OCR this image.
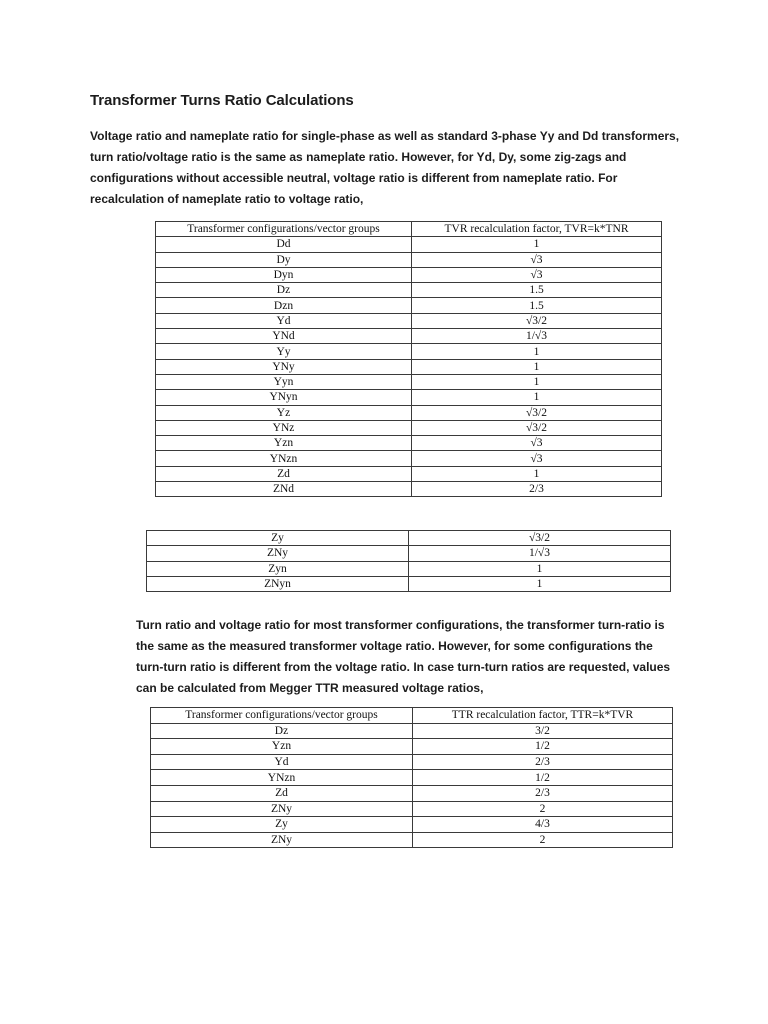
Transformer Turns Ratio Calculations

Voltage ratio and nameplate ratio for single-phase as well as standard 3-phase Yy and Dd transformers,
turn ratio/voltage ratio is the same as nameplate ratio. However, for Yd, Dy, some zig-zags and
configurations without accessible neutral, voltage ratio is different from nameplate ratio. For
recalculation of nameplate ratio to voltage ratio,

Transformer configurations/vector groups	TVR recalculation factor, TVR=k*TNR
Dd	1
Dy	√3
Dyn	√3
Dz	1.5
Dzn	1.5
Yd	√3/2
YNd	1/√3
Yy	1
YNy	1
Yyn	1
YNyn	1
Yz	√3/2
YNz	√3/2
Yzn	√3
YNzn	√3
Zd	1
ZNd	2/3
Zy	√3/2
ZNy	1/√3
Zyn	1
ZNyn	1

Turn ratio and voltage ratio for most transformer configurations, the transformer turn-ratio is
the same as the measured transformer voltage ratio. However, for some configurations the
turn-turn ratio is different from the voltage ratio. In case turn-turn ratios are requested, values
can be calculated from Megger TTR measured voltage ratios,

Transformer configurations/vector groups	TTR recalculation factor, TTR=k*TVR
Dz	3/2
Yzn	1/2
Yd	2/3
YNzn	1/2
Zd	2/3
ZNy	2
Zy	4/3
ZNy	2
